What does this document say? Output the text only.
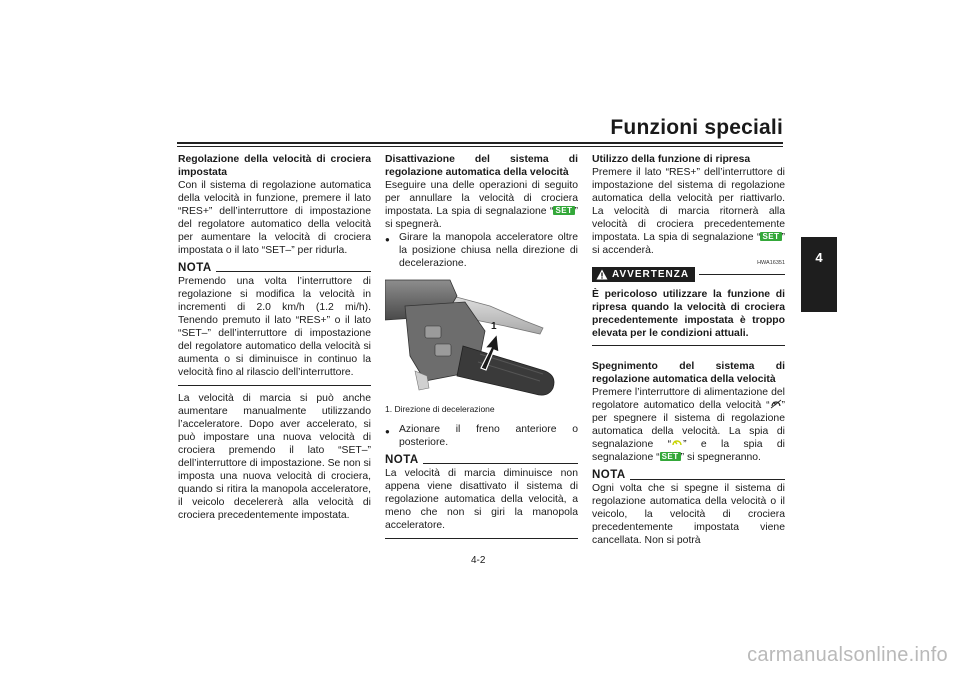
Funzioni speciali
4

Regolazione della velocità di crociera impostata

Con il sistema di regolazione automatica della velocità in funzione, premere il lato “RES+” dell’interruttore di impostazione del regolatore automatico della velocità per aumentare la velocità di crociera impostata o il lato “SET–” per ridurla.

NOTA

Premendo una volta l’interruttore di regolazione si modifica la velocità in incrementi di 2.0 km/h (1.2 mi/h). Tenendo premuto il lato “RES+” o il lato “SET–” dell’interruttore di impostazione del regolatore automatico della velocità si aumenta o si diminuisce in continuo la velocità fino al rilascio dell’interruttore.

La velocità di marcia si può anche aumentare manualmente utilizzando l’acceleratore. Dopo aver accelerato, si può impostare una nuova velocità di crociera premendo il lato “SET–” dell’interruttore di impostazione. Se non si imposta una nuova velocità di crociera, quando si ritira la manopola acceleratore, il veicolo decelererà alla velocità di crociera precedentemente impostata.

Disattivazione del sistema di regolazione automatica della velocità

Eseguire una delle operazioni di seguito per annullare la velocità di crociera impostata. La spia di segnalazione “ SET ” si spegnerà.

● Girare la manopola acceleratore oltre la posizione chiusa nella direzione di decelerazione.
1
1. Direzione di decelerazione
● Azionare il freno anteriore o posteriore.
NOTA

La velocità di marcia diminuisce non appena viene disattivato il sistema di regolazione automatica della velocità, a meno che non si giri la manopola acceleratore.

Utilizzo della funzione di ripresa

Premere il lato “RES+” dell’interruttore di impostazione del sistema di regolazione automatica della velocità per riattivarlo. La velocità di marcia ritornerà alla velocità di crociera precedentemente impostata. La spia di segnalazione “ SET ” si accenderà.

HWA16351
AVVERTENZA

È pericoloso utilizzare la funzione di ripresa quando la velocità di crociera precedentemente impostata è troppo elevata per le condizioni attuali.

Spegnimento del sistema di regolazione automatica della velocità

Premere l’interruttore di alimentazione del regolatore automatico della velocità “ ” per spegnere il sistema di regolazione automatica della velocità. La spia di segnalazione “ ” e la spia di segnalazione “ SET ” si spegneranno.

NOTA

Ogni volta che si spegne il sistema di regolazione automatica della velocità o il veicolo, la velocità di crociera precedentemente impostata viene cancellata. Non si potrà

4-2
carmanualsonline.info
